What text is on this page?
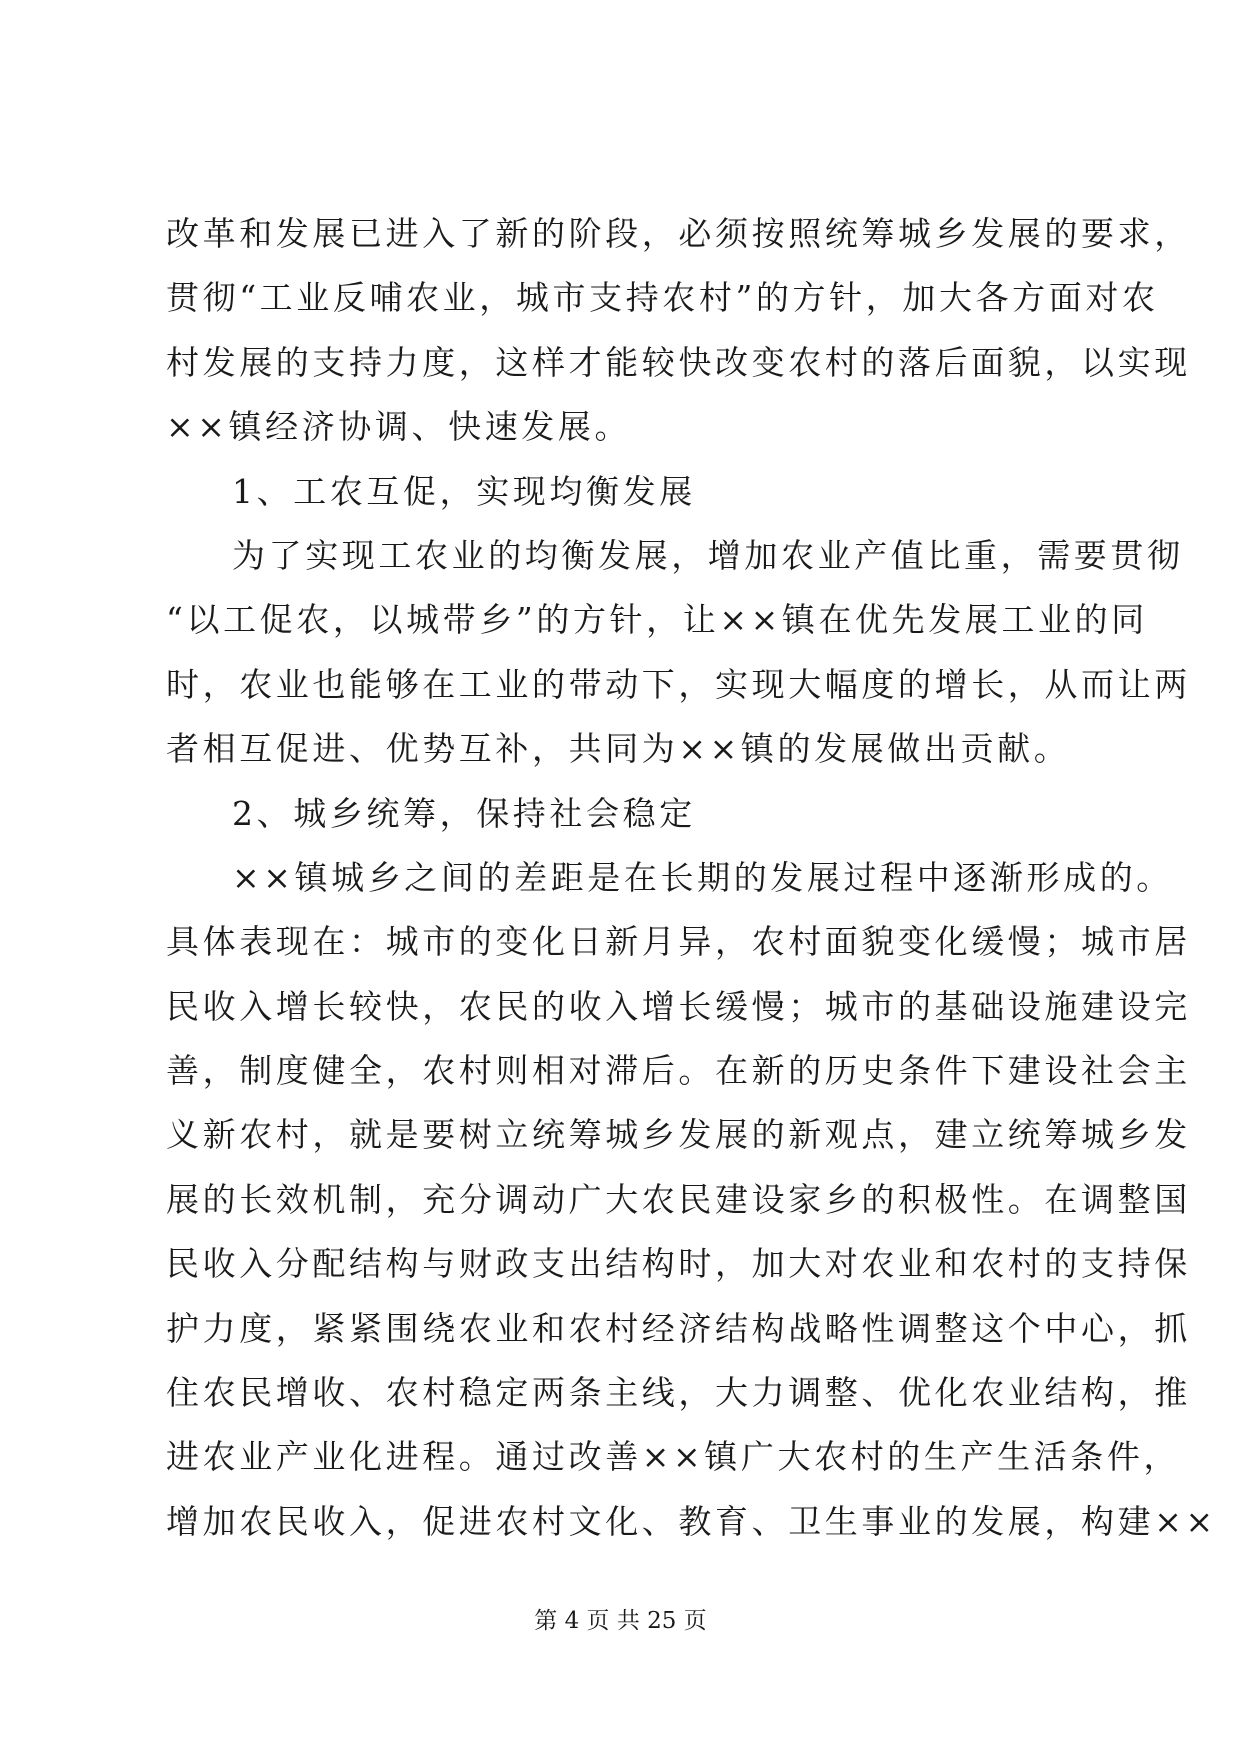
改革和发展已进入了新的阶段，必须按照统筹城乡发展的要求，
贯彻“工业反哺农业，城市支持农村”的方针，加大各方面对农
村发展的支持力度，这样才能较快改变农村的落后面貌，以实现
××镇经济协调、快速发展。
1、工农互促，实现均衡发展
为了实现工农业的均衡发展，增加农业产值比重，需要贯彻
“以工促农，以城带乡”的方针，让××镇在优先发展工业的同
时，农业也能够在工业的带动下，实现大幅度的增长，从而让两
者相互促进、优势互补，共同为××镇的发展做出贡献。
2、城乡统筹，保持社会稳定
××镇城乡之间的差距是在长期的发展过程中逐渐形成的。
具体表现在：城市的变化日新月异，农村面貌变化缓慢；城市居
民收入增长较快，农民的收入增长缓慢；城市的基础设施建设完
善，制度健全，农村则相对滞后。在新的历史条件下建设社会主
义新农村，就是要树立统筹城乡发展的新观点，建立统筹城乡发
展的长效机制，充分调动广大农民建设家乡的积极性。在调整国
民收入分配结构与财政支出结构时，加大对农业和农村的支持保
护力度，紧紧围绕农业和农村经济结构战略性调整这个中心，抓
住农民增收、农村稳定两条主线，大力调整、优化农业结构，推
进农业产业化进程。通过改善××镇广大农村的生产生活条件，
增加农民收入，促进农村文化、教育、卫生事业的发展，构建××
第 4 页 共 25 页
